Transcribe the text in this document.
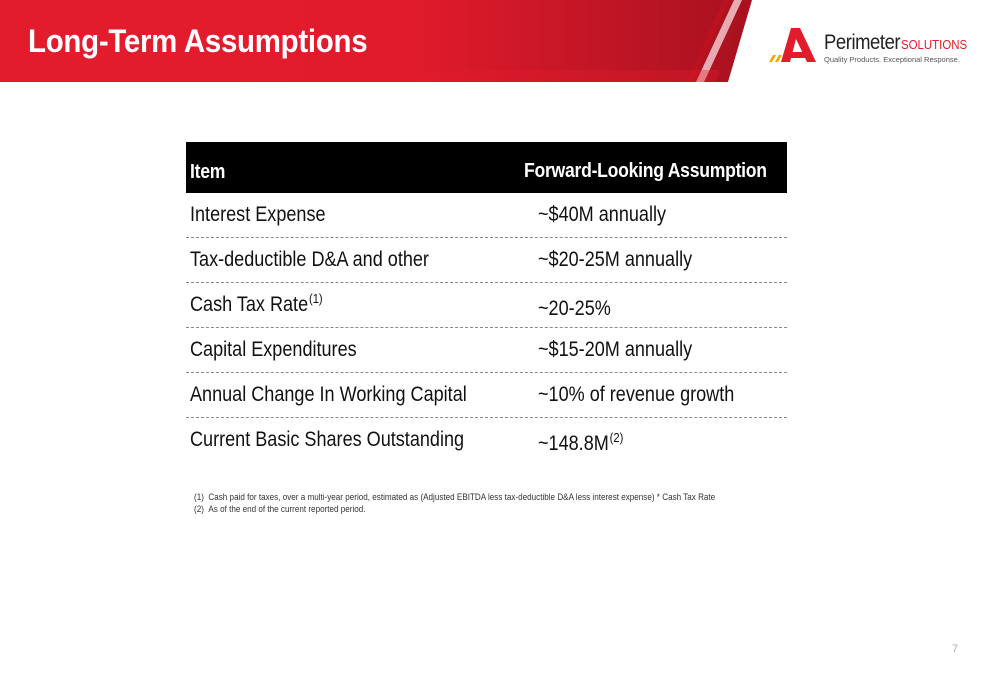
Long-Term Assumptions	PerimeterSOLUTIONS
Quality Products. Exceptional Response.
Item	Forward-Looking Assumption
Interest Expense	~$40M annually
Tax-deductible D&A and other	~$20-25M annually
Cash Tax Rate$^{(1)}$	~20-25%
Capital Expenditures	~$15-20M annually
Annual Change In Working Capital	~10% of revenue growth
Current Basic Shares Outstanding	$\sim 148.8M^{(2)}$
(1) Cash paid for taxes, over a multi-year period, estimated as (Adjusted EBITDA less tax-deductible D&A less interest expense) * Cash Tax Rate
(2) As of the end of the current reported period.
7
